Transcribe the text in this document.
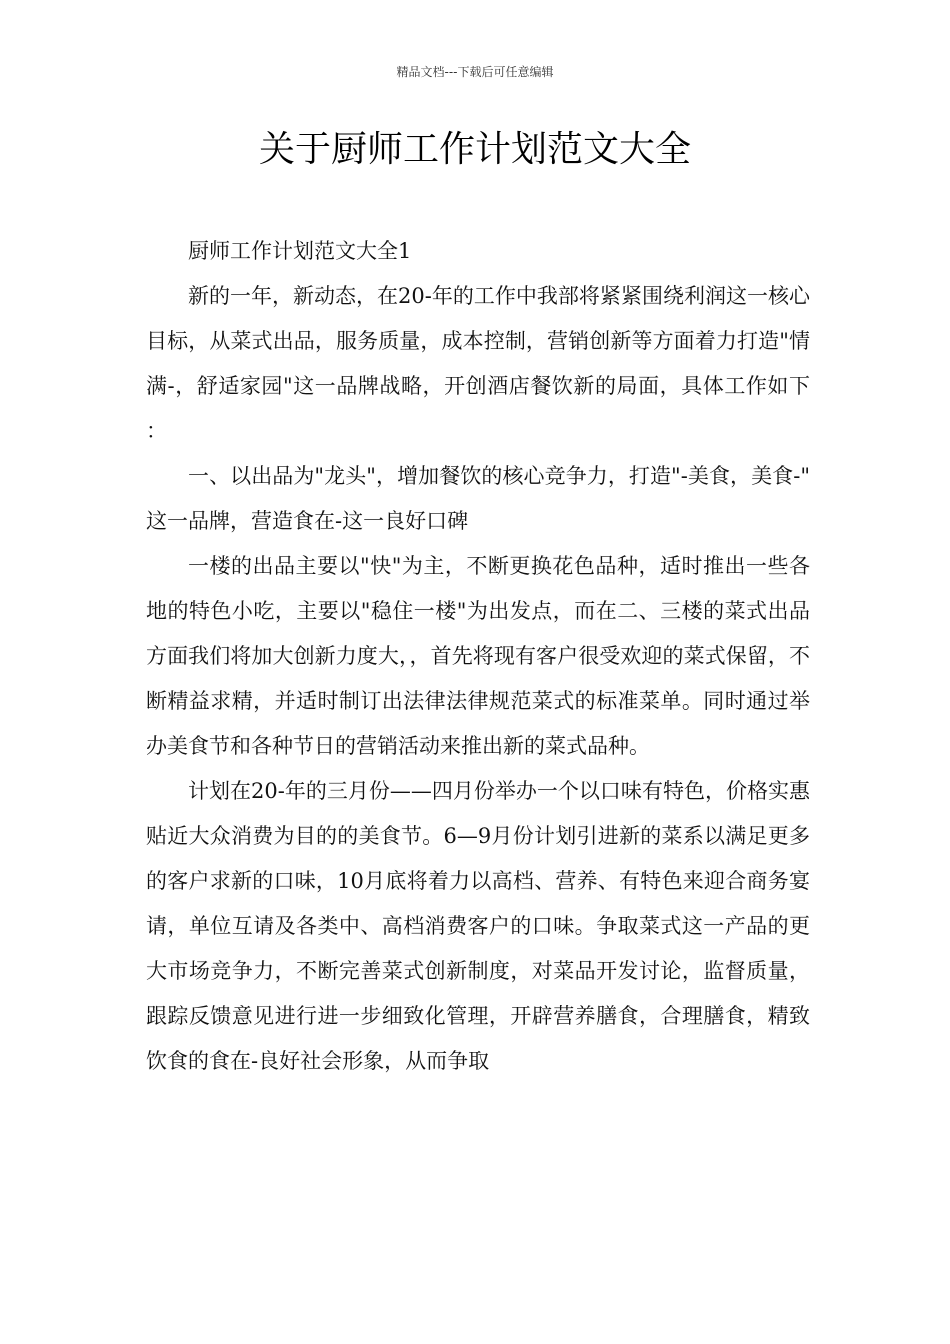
精品文档---下载后可任意编辑
关于厨师工作计划范文大全

厨师工作计划范文大全1

新的一年，新动态，在20-年的工作中我部将紧紧围绕利润这一核心目标，从菜式出品，服务质量，成本控制，营销创新等方面着力打造"情满-，舒适家园"这一品牌战略，开创酒店餐饮新的局面，具体工作如下：

一、以出品为"龙头"，增加餐饮的核心竞争力，打造"-美食，美食-"这一品牌，营造食在-这一良好口碑

一楼的出品主要以"快"为主，不断更换花色品种，适时推出一些各地的特色小吃，主要以"稳住一楼"为出发点，而在二、三楼的菜式出品方面我们将加大创新力度大，，首先将现有客户很受欢迎的菜式保留，不断精益求精，并适时制订出法律法律规范菜式的标准菜单。同时通过举办美食节和各种节日的营销活动来推出新的菜式品种。

计划在20-年的三月份——四月份举办一个以口味有特色，价格实惠贴近大众消费为目的的美食节。6—9月份计划引进新的菜系以满足更多的客户求新的口味，10月底将着力以高档、营养、有特色来迎合商务宴请，单位互请及各类中、高档消费客户的口味。争取菜式这一产品的更大市场竞争力，不断完善菜式创新制度，对菜品开发讨论，监督质量，跟踪反馈意见进行进一步细致化管理，开辟营养膳食，合理膳食，精致饮食的食在-良好社会形象，从而争取
